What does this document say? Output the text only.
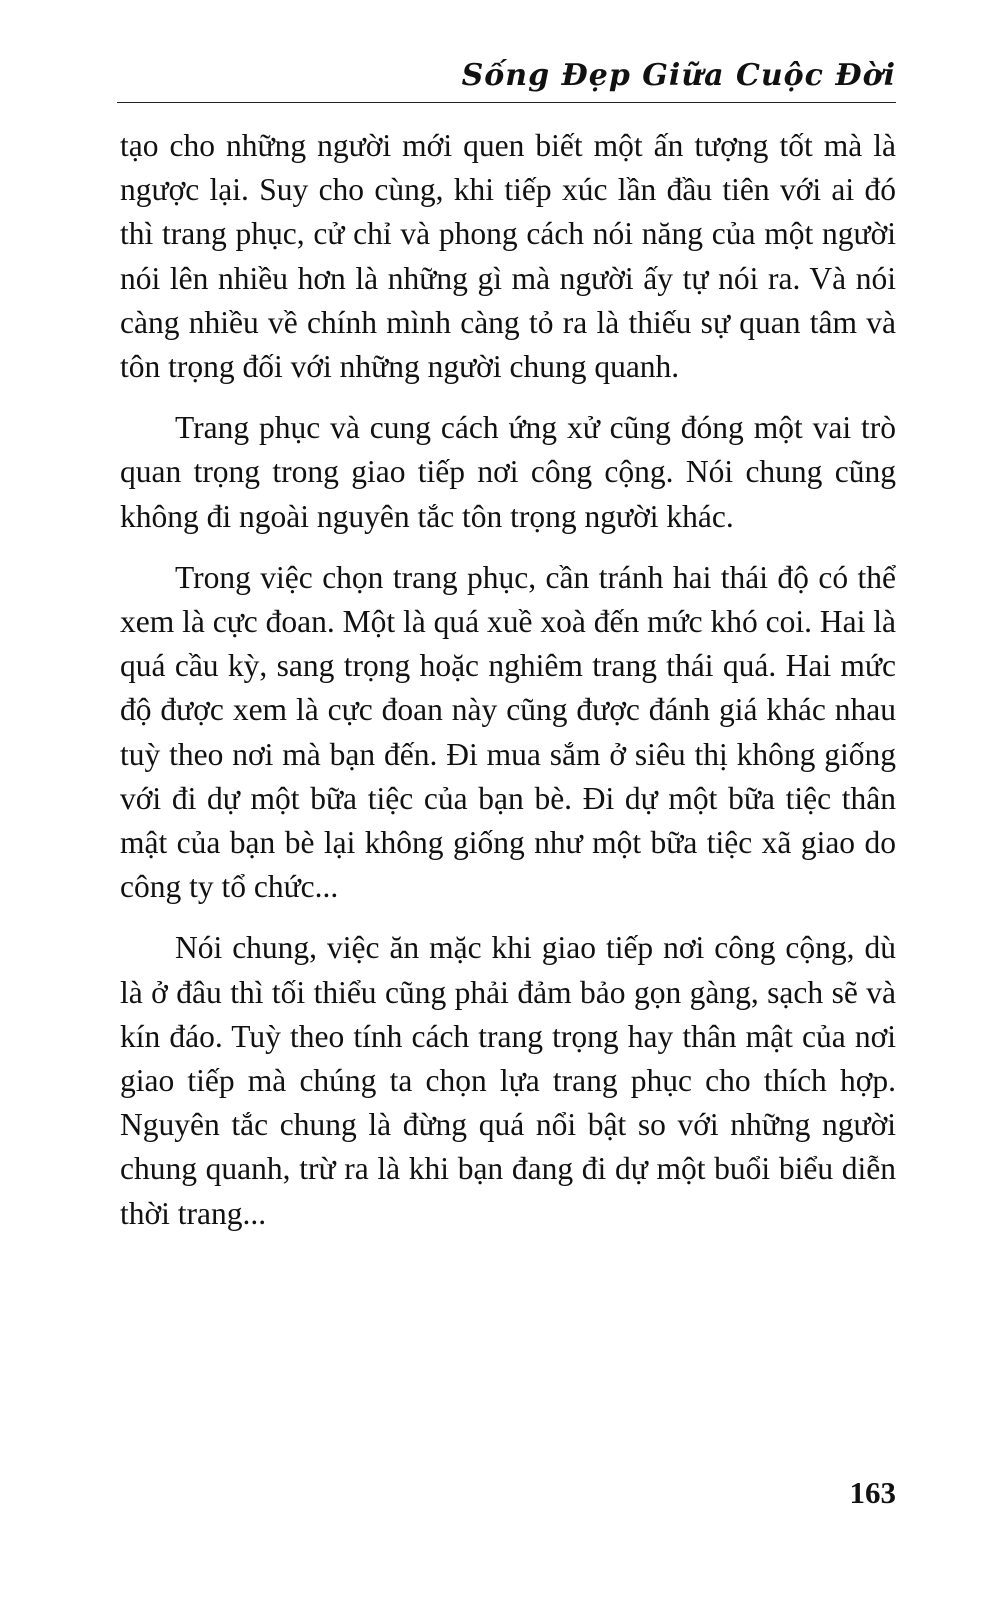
Sống Đẹp Giữa Cuộc Đời

tạo cho những người mới quen biết một ấn tượng tốt mà là ngược lại. Suy cho cùng, khi tiếp xúc lần đầu tiên với ai đó thì trang phục, cử chỉ và phong cách nói năng của một người nói lên nhiều hơn là những gì mà người ấy tự nói ra. Và nói càng nhiều về chính mình càng tỏ ra là thiếu sự quan tâm và tôn trọng đối với những người chung quanh.

Trang phục và cung cách ứng xử cũng đóng một vai trò quan trọng trong giao tiếp nơi công cộng. Nói chung cũng không đi ngoài nguyên tắc tôn trọng người khác.

Trong việc chọn trang phục, cần tránh hai thái độ có thể xem là cực đoan. Một là quá xuề xoà đến mức khó coi. Hai là quá cầu kỳ, sang trọng hoặc nghiêm trang thái quá. Hai mức độ được xem là cực đoan này cũng được đánh giá khác nhau tuỳ theo nơi mà bạn đến. Đi mua sắm ở siêu thị không giống với đi dự một bữa tiệc của bạn bè. Đi dự một bữa tiệc thân mật của bạn bè lại không giống như một bữa tiệc xã giao do công ty tổ chức...

Nói chung, việc ăn mặc khi giao tiếp nơi công cộng, dù là ở đâu thì tối thiểu cũng phải đảm bảo gọn gàng, sạch sẽ và kín đáo. Tuỳ theo tính cách trang trọng hay thân mật của nơi giao tiếp mà chúng ta chọn lựa trang phục cho thích hợp. Nguyên tắc chung là đừng quá nổi bật so với những người chung quanh, trừ ra là khi bạn đang đi dự một buổi biểu diễn thời trang...

163
